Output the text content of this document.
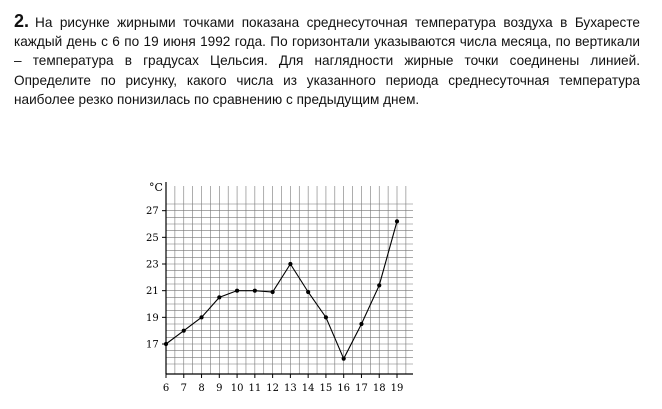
2. На рисунке жирными точками показана среднесуточная температура воздуха в Бухаресте каждый день с 6 по 19 июня 1992 года. По горизонтали указываются числа месяца, по вертикали – температура в градусах Цельсия. Для наглядности жирные точки соединены линией. Определите по рисунку, какого числа из указанного периода среднесуточная температура наиболее резко понизилась по сравнению с предыдущим днем.
°C
17
19
21
23
25
27
6 7 8 9 10 11 12 13 14 15 16 17 18 19
